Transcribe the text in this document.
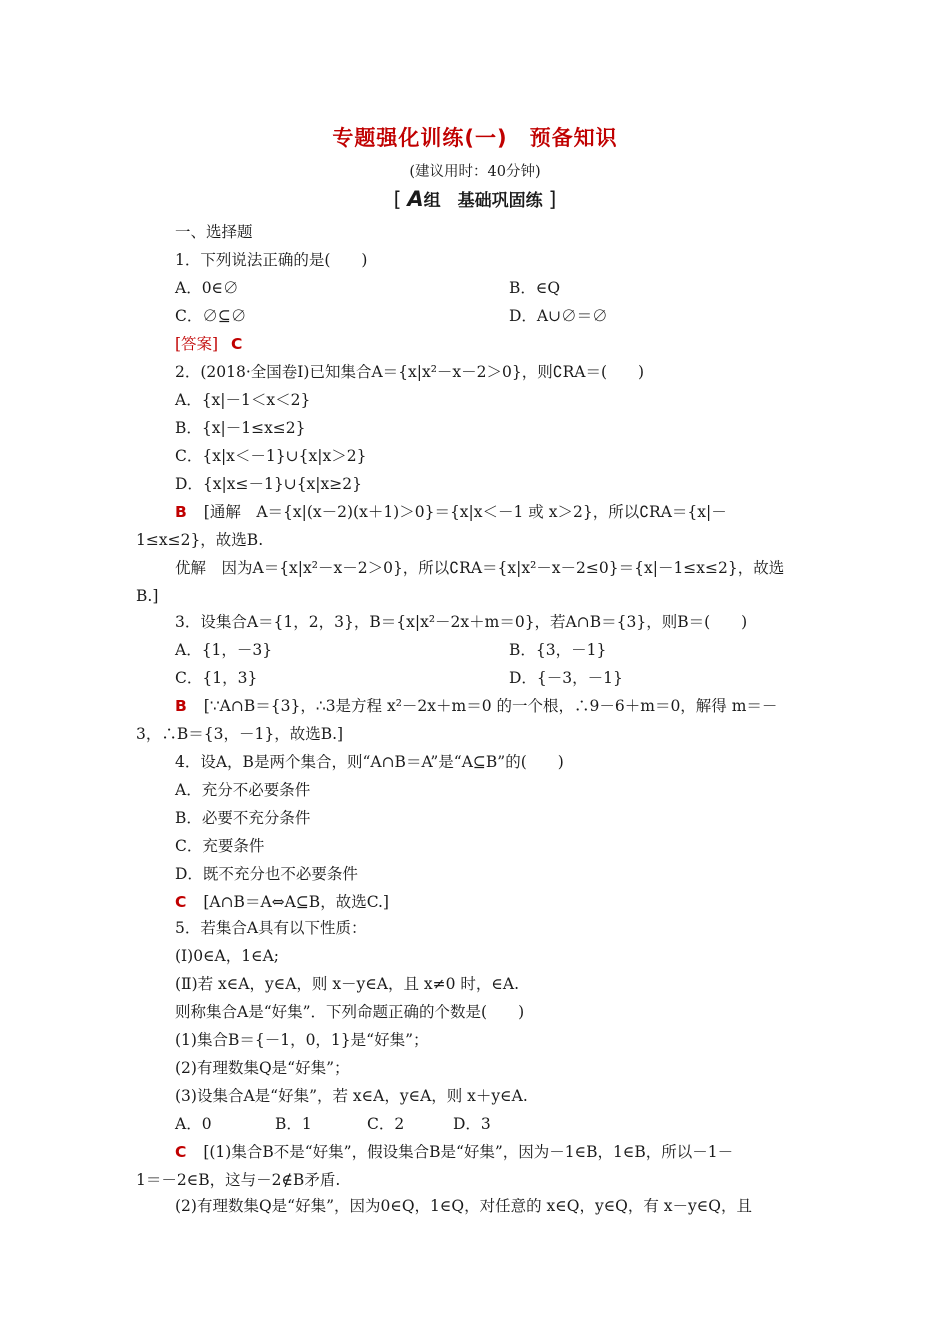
专题强化训练(一)　预备知识
(建议用时：40分钟)
[ A组　基础巩固练 ]
一、选择题
1．下列说法正确的是(　　)
A．0∈∅	B．∈Q
C．∅⊆∅	D．A∪∅＝∅
[答案] C
2．(2018·全国卷Ⅰ)已知集合A＝{x|x²－x－2＞0}，则∁RA＝(　　)
A．{x|－1＜x＜2}
B．{x|－1≤x≤2}
C．{x|x＜－1}∪{x|x＞2}
D．{x|x≤－1}∪{x|x≥2}
B [通解　A＝{x|(x－2)(x＋1)＞0}＝{x|x＜－1 或 x＞2}，所以∁RA＝{x|－
1≤x≤2}，故选B.
优解　因为A＝{x|x²－x－2＞0}，所以∁RA＝{x|x²－x－2≤0}＝{x|－1≤x≤2}，故选
B.]
3．设集合A＝{1，2，3}，B＝{x|x²－2x＋m＝0}，若A∩B＝{3}，则B＝(　　)
A．{1，－3}	B．{3，－1}
C．{1，3}	D．{－3，－1}
B [∵A∩B＝{3}，∴3是方程 x²－2x＋m＝0 的一个根，∴9－6＋m＝0，解得 m＝－
3，∴B＝{3，－1}，故选B.]
4．设A，B是两个集合，则“A∩B＝A”是“A⊆B”的(　　)
A．充分不必要条件
B．必要不充分条件
C．充要条件
D．既不充分也不必要条件
C [A∩B＝A⇔A⊆B，故选C.]
5．若集合A具有以下性质：
(Ⅰ)0∈A，1∈A;
(Ⅱ)若 x∈A，y∈A，则 x－y∈A，且 x≠0 时，∈A.
则称集合A是“好集”．下列命题正确的个数是(　　)
(1)集合B＝{－1，0，1}是“好集”；
(2)有理数集Q是“好集”；
(3)设集合A是“好集”，若 x∈A，y∈A，则 x＋y∈A.
A．0	B．1	C．2	D．3
C [(1)集合B不是“好集”，假设集合B是“好集”，因为－1∈B，1∈B，所以－1－
1＝－2∈B，这与－2∉B矛盾.
(2)有理数集Q是“好集”，因为0∈Q，1∈Q，对任意的 x∈Q，y∈Q，有 x－y∈Q，且
